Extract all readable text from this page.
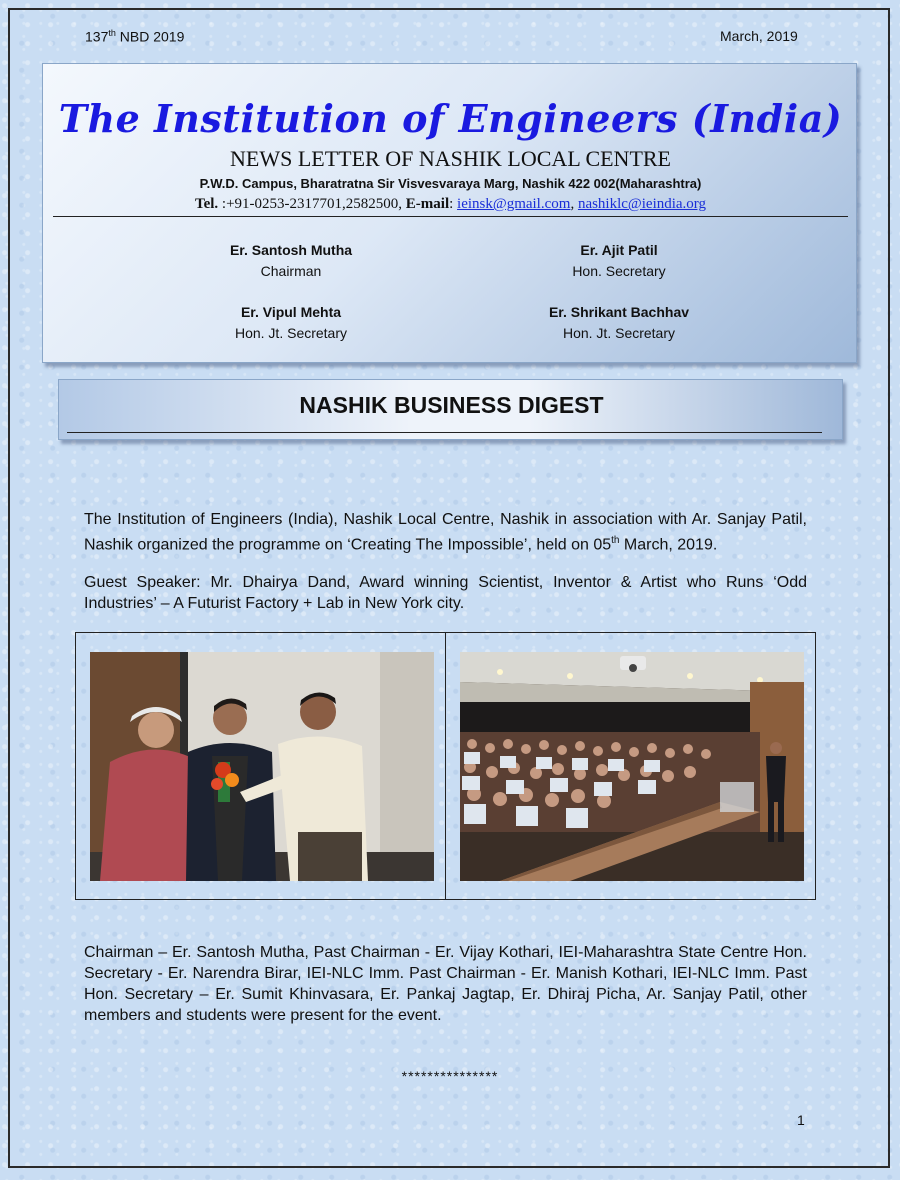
137th NBD 2019	March, 2019
The Institution of Engineers (India)
NEWS LETTER OF NASHIK LOCAL CENTRE
P.W.D. Campus, Bharatratna Sir Visvesvaraya Marg, Nashik 422 002(Maharashtra)
Tel. :+91-0253-2317701,2582500, E-mail: ieinsk@gmail.com, nashiklc@ieindia.org
Er. Santosh Mutha
Chairman
Er. Ajit Patil
Hon. Secretary
Er. Vipul Mehta
Hon. Jt. Secretary
Er. Shrikant Bachhav
Hon. Jt. Secretary
NASHIK BUSINESS DIGEST
The Institution of Engineers (India), Nashik Local Centre, Nashik in association with Ar. Sanjay Patil, Nashik organized the programme on ‘Creating The Impossible’, held on 05th March, 2019.
Guest Speaker: Mr. Dhairya Dand, Award winning Scientist, Inventor & Artist who Runs ‘Odd Industries’ – A Futurist Factory + Lab in New York city.
Chairman – Er. Santosh Mutha, Past Chairman - Er. Vijay Kothari, IEI-Maharashtra State Centre Hon. Secretary - Er. Narendra Birar, IEI-NLC Imm. Past Chairman - Er. Manish Kothari, IEI-NLC Imm. Past Hon. Secretary – Er. Sumit Khinvasara, Er. Pankaj Jagtap, Er. Dhiraj Picha, Ar. Sanjay Patil, other members and students were present for the event.
***************
1
